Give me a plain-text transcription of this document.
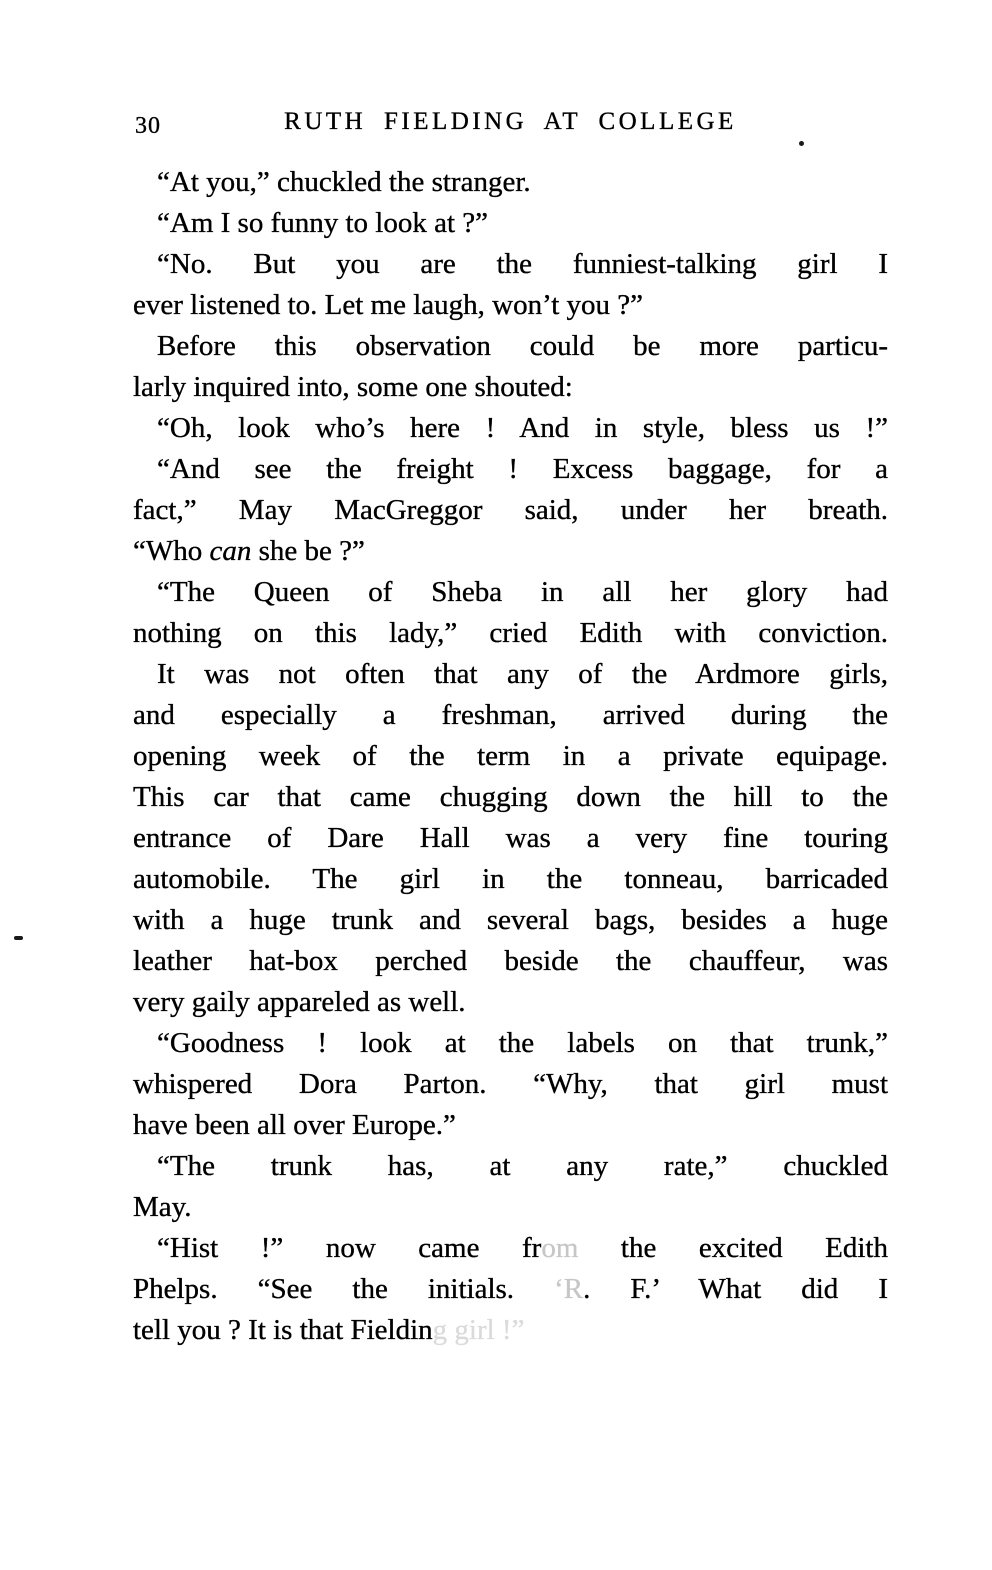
30	RUTH FIELDING AT COLLEGE
“At you,” chuckled the stranger.
“Am I so funny to look at ?”
“No. But you are the funniest-talking girl I
ever listened to. Let me laugh, won’t you ?”
Before this observation could be more particu-
larly inquired into, some one shouted:
“Oh, look who’s here ! And in style, bless us !”
“And see the freight ! Excess baggage, for a
fact,” May MacGreggor said, under her breath.
“Who can she be ?”
“The Queen of Sheba in all her glory had
nothing on this lady,” cried Edith with conviction.
It was not often that any of the Ardmore girls,
and especially a freshman, arrived during the
opening week of the term in a private equipage.
This car that came chugging down the hill to the
entrance of Dare Hall was a very fine touring
automobile. The girl in the tonneau, barricaded
with a huge trunk and several bags, besides a huge
leather hat-box perched beside the chauffeur, was
very gaily appareled as well.
“Goodness ! look at the labels on that trunk,”
whispered Dora Parton. “Why, that girl must
have been all over Europe.”
“The trunk has, at any rate,” chuckled
May.
“Hist !” now came from the excited Edith
Phelps. “See the initials. ‘R. F.’ What did I
tell you ? It is that Fielding girl !”
